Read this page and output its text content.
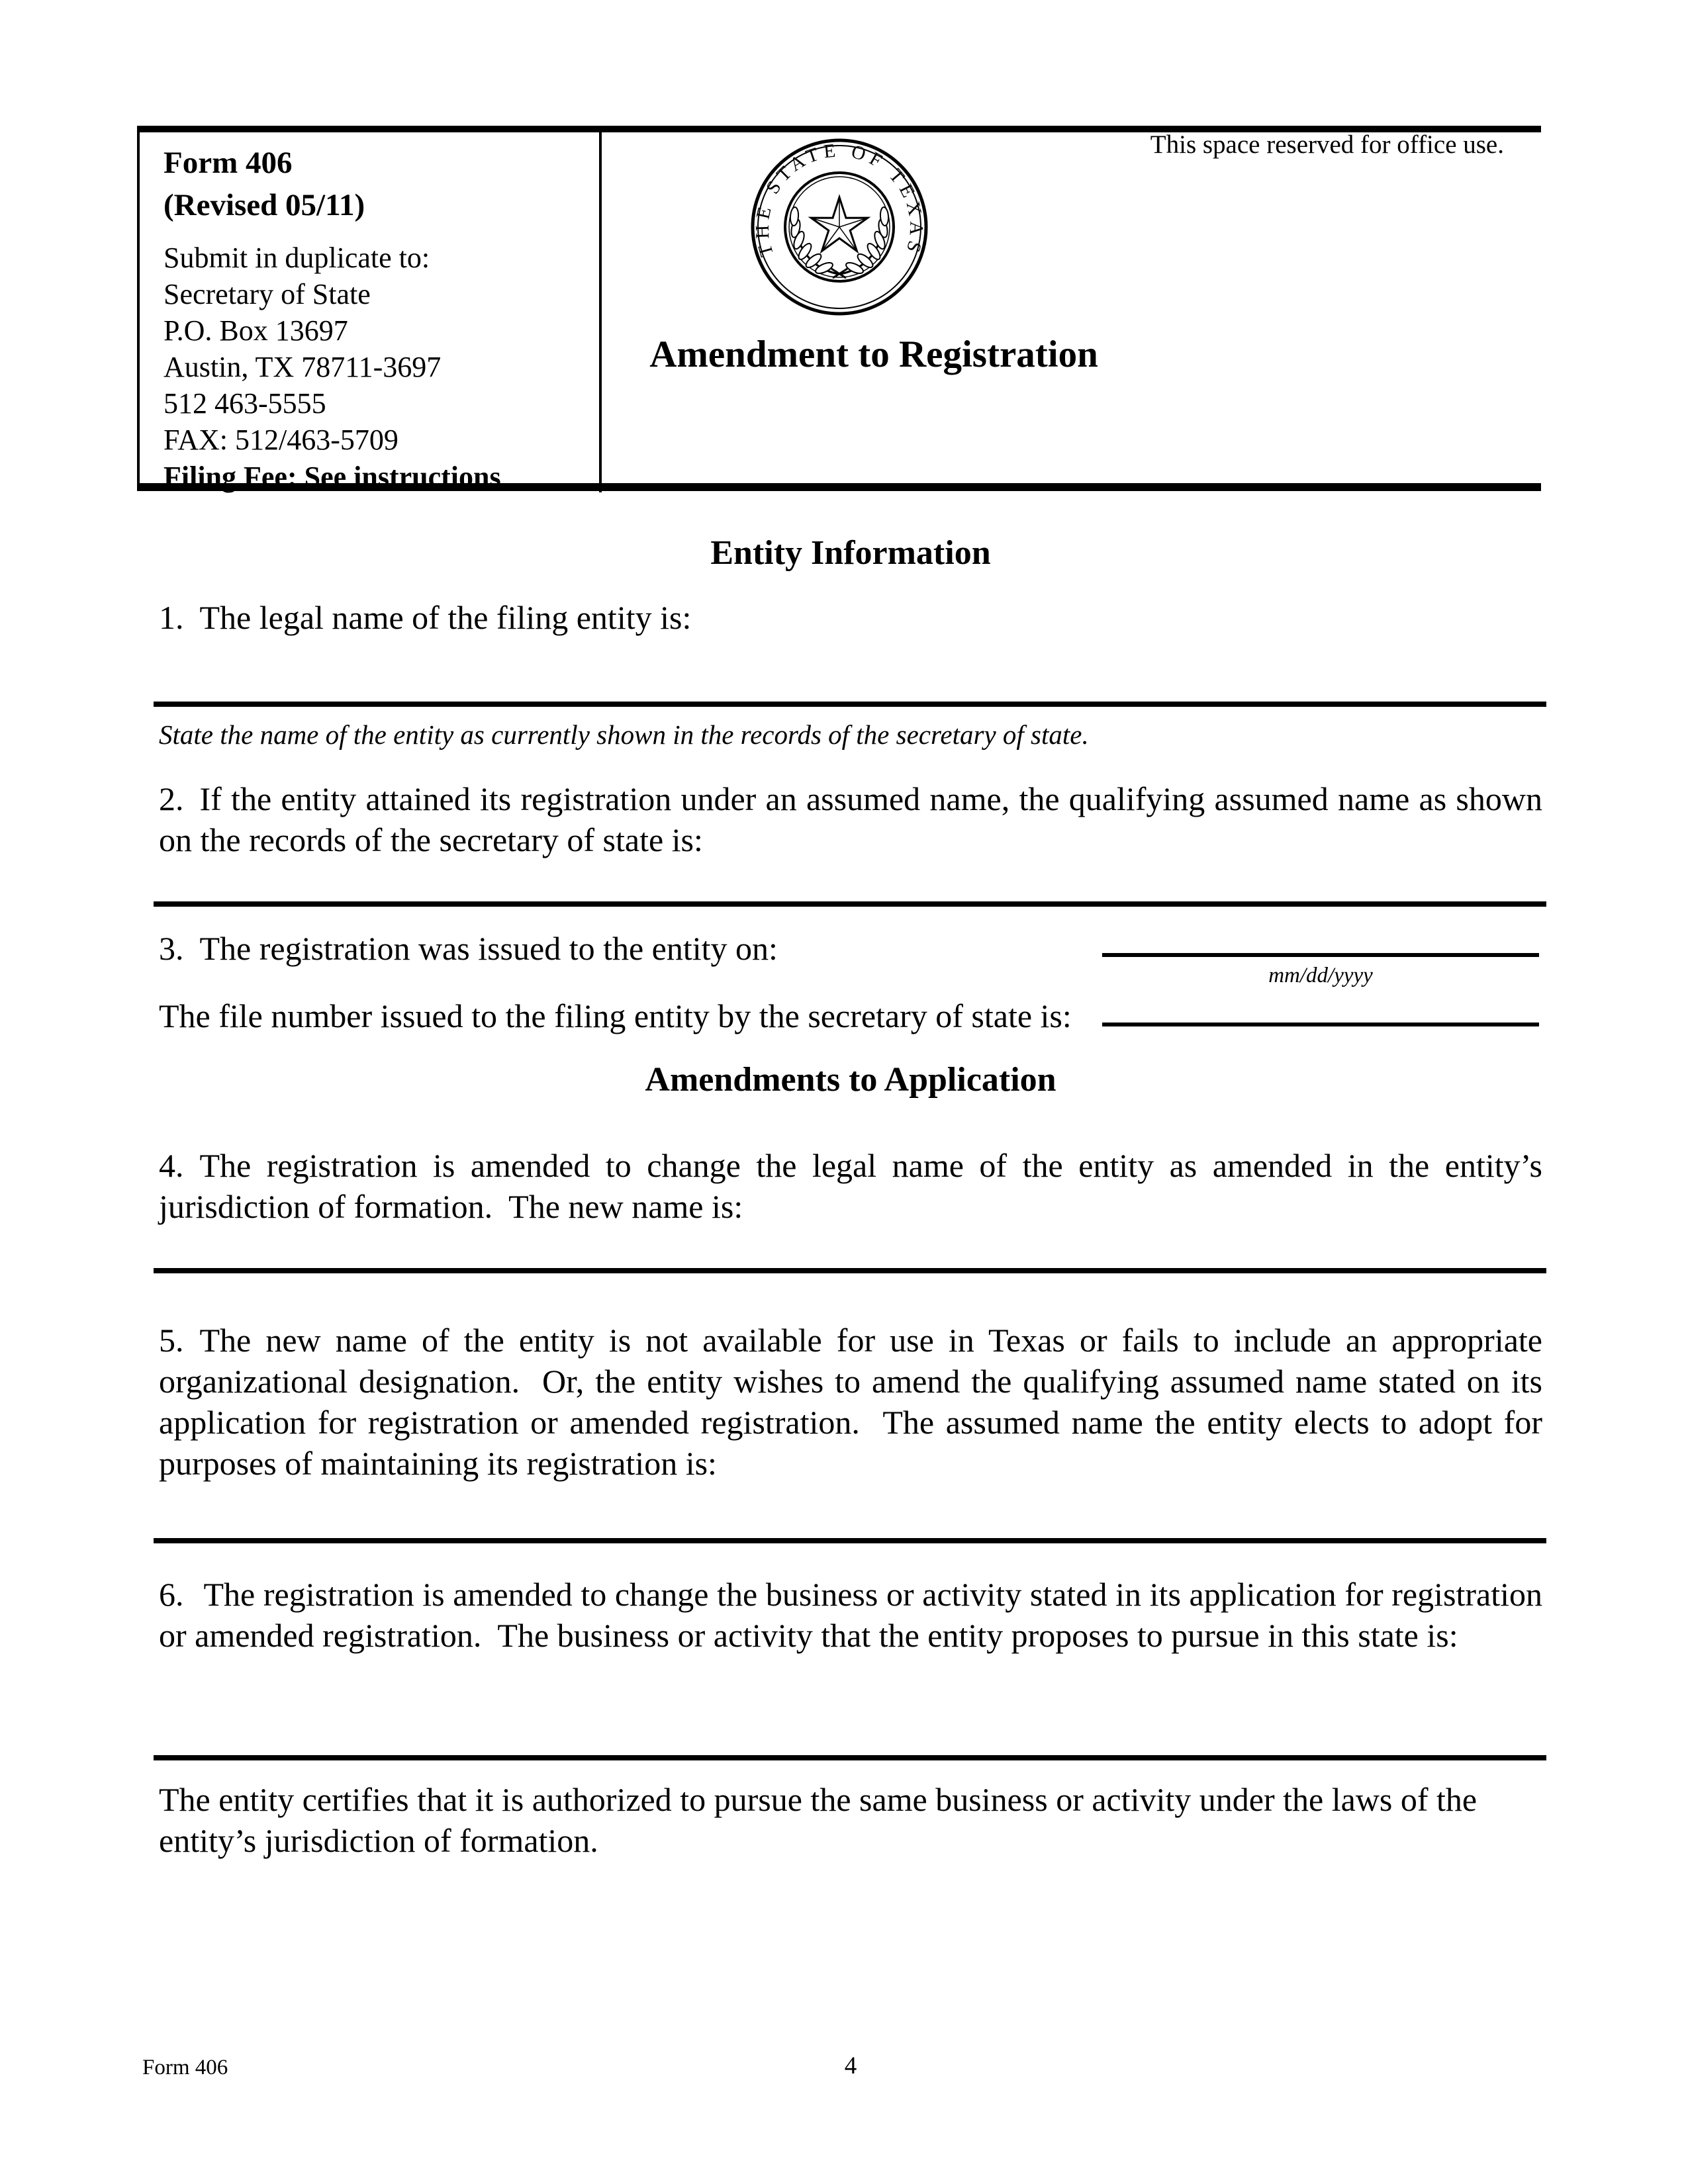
Form 406
(Revised 05/11)
Submit in duplicate to:
Secretary of State
P.O. Box 13697
Austin, TX 78711-3697
512 463-5555
FAX: 512/463-5709
Filing Fee: See instructions
THE STATE OF TEXAS
Amendment to Registration
This space reserved for office use.
Entity Information
1. The legal name of the filing entity is:
State the name of the entity as currently shown in the records of the secretary of state.
2. If the entity attained its registration under an assumed name, the qualifying assumed name as shown on the records of the secretary of state is:
3. The registration was issued to the entity on:
mm/dd/yyyy
The file number issued to the filing entity by the secretary of state is:
Amendments to Application
4. The registration is amended to change the legal name of the entity as amended in the entity’s jurisdiction of formation.  The new name is:
5. The new name of the entity is not available for use in Texas or fails to include an appropriate organizational designation.  Or, the entity wishes to amend the qualifying assumed name stated on its application for registration or amended registration.  The assumed name the entity elects to adopt for purposes of maintaining its registration is:
6. The registration is amended to change the business or activity stated in its application for registration or amended registration.  The business or activity that the entity proposes to pursue in this state is:
The entity certifies that it is authorized to pursue the same business or activity under the laws of the entity’s jurisdiction of formation.
Form 406	4
